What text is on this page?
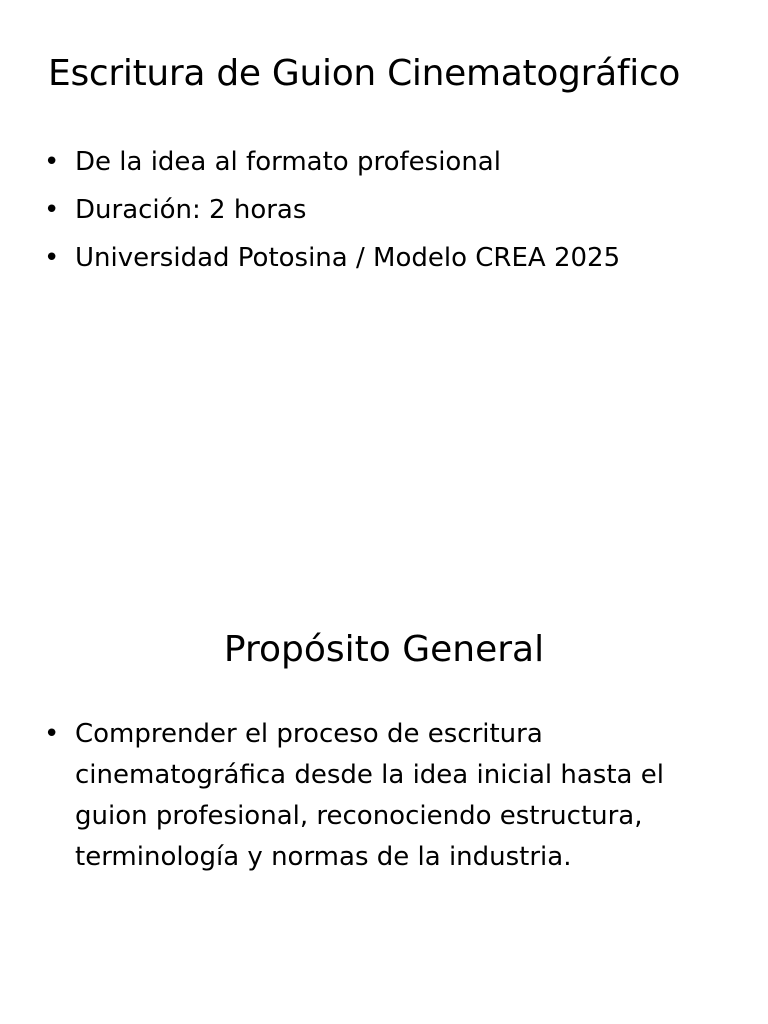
Escritura de Guion Cinematográfico
• De la idea al formato profesional
• Duración: 2 horas
• Universidad Potosina / Modelo CREA 2025
Propósito General
• Comprender el proceso de escritura
cinematográfica desde la idea inicial hasta el
guion profesional, reconociendo estructura,
terminología y normas de la industria.
